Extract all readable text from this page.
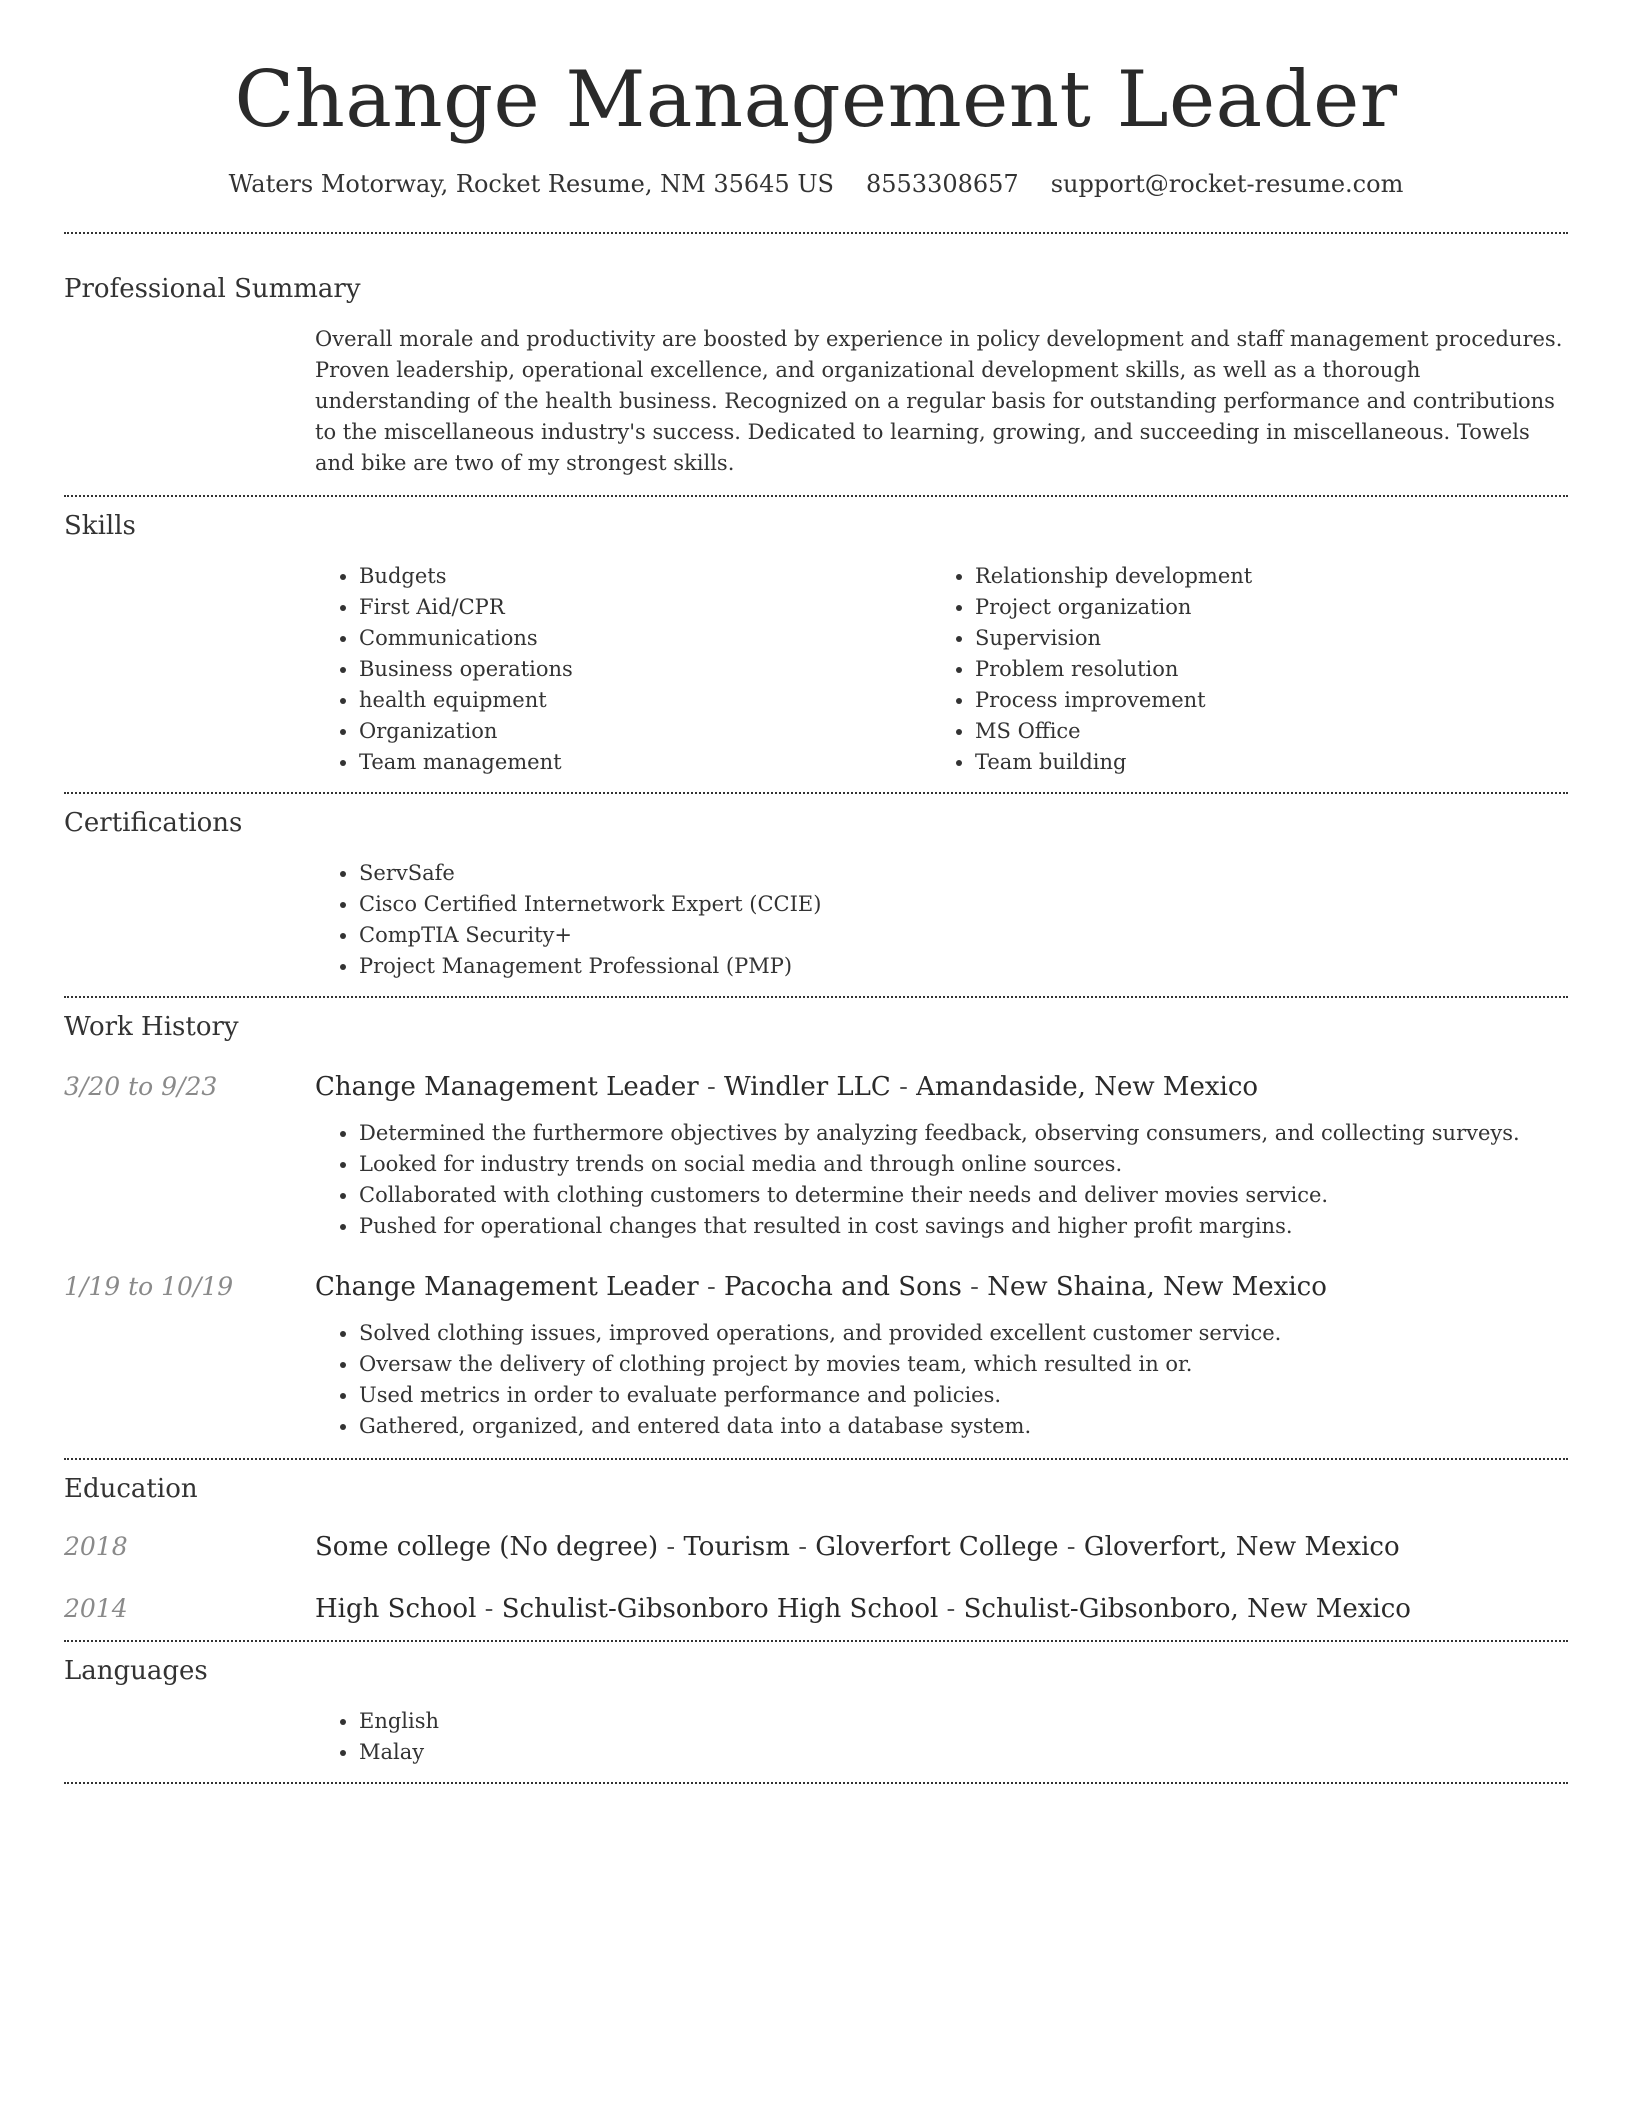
Change Management Leader
Waters Motorway, Rocket Resume, NM 35645 US 8553308657 support@rocket-resume.com
Professional Summary
Overall morale and productivity are boosted by experience in policy development and staff management procedures. Proven leadership, operational excellence, and organizational development skills, as well as a thorough understanding of the health business. Recognized on a regular basis for outstanding performance and contributions to the miscellaneous industry's success. Dedicated to learning, growing, and succeeding in miscellaneous. Towels and bike are two of my strongest skills.
Skills
• Budgets
• First Aid/CPR
• Communications
• Business operations
• health equipment
• Organization
• Team management
• Relationship development
• Project organization
• Supervision
• Problem resolution
• Process improvement
• MS Office
• Team building
Certifications
• ServSafe
• Cisco Certified Internetwork Expert (CCIE)
• CompTIA Security+
• Project Management Professional (PMP)
Work History
3/20 to 9/23	Change Management Leader - Windler LLC - Amandaside, New Mexico
• Determined the furthermore objectives by analyzing feedback, observing consumers, and collecting surveys.
• Looked for industry trends on social media and through online sources.
• Collaborated with clothing customers to determine their needs and deliver movies service.
• Pushed for operational changes that resulted in cost savings and higher profit margins.
1/19 to 10/19	Change Management Leader - Pacocha and Sons - New Shaina, New Mexico
• Solved clothing issues, improved operations, and provided excellent customer service.
• Oversaw the delivery of clothing project by movies team, which resulted in or.
• Used metrics in order to evaluate performance and policies.
• Gathered, organized, and entered data into a database system.
Education
2018	Some college (No degree) - Tourism - Gloverfort College - Gloverfort, New Mexico
2014	High School - Schulist-Gibsonboro High School - Schulist-Gibsonboro, New Mexico
Languages
• English
• Malay
